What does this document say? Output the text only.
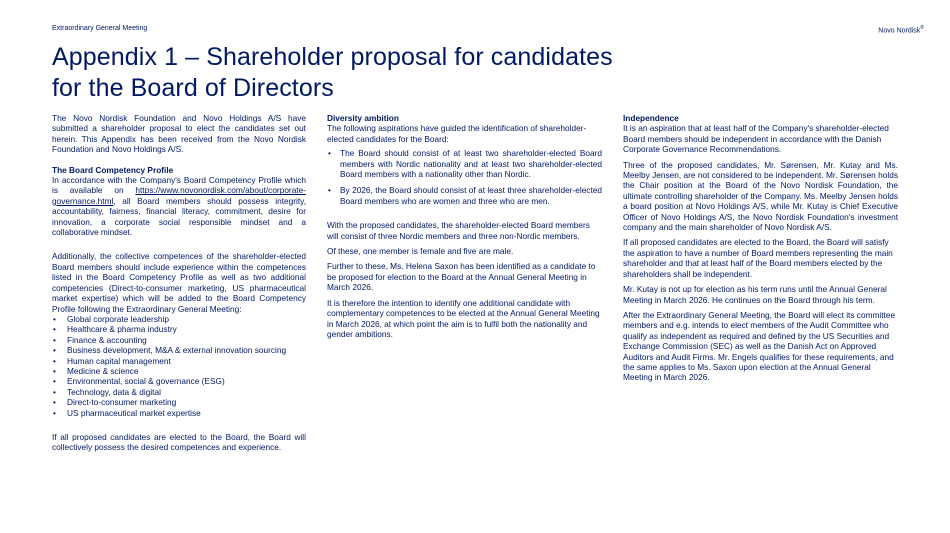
Extraordinary General Meeting	Novo Nordisk®
Appendix 1 – Shareholder proposal for candidates
for the Board of Directors

The Novo Nordisk Foundation and Novo Holdings A/S have submitted a shareholder proposal to elect the candidates set out herein. This Appendix has been received from the Novo Nordisk Foundation and Novo Holdings A/S.

The Board Competency Profile

In accordance with the Company's Board Competency Profile which is available on https://www.novonordisk.com/about/corporate-governance.html, all Board members should possess integrity, accountability, fairness, financial literacy, commitment, desire for innovation, a corporate social responsible mindset and a collaborative mindset.

Additionally, the collective competences of the shareholder-elected Board members should include experience within the competences listed in the Board Competency Profile as well as two additional competencies (Direct-to-consumer marketing, US pharmaceutical market expertise) which will be added to the Board Competency Profile following the Extraordinary General Meeting:

• Global corporate leadership
• Healthcare & pharma industry
• Finance & accounting
• Business development, M&A & external innovation sourcing
• Human capital management
• Medicine & science
• Environmental, social & governance (ESG)
• Technology, data & digital
• Direct-to-consumer marketing
• US pharmaceutical market expertise

If all proposed candidates are elected to the Board, the Board will collectively possess the desired competences and experience.

Diversity ambition

The following aspirations have guided the identification of shareholder-elected candidates for the Board:

• The Board should consist of at least two shareholder-elected Board members with Nordic nationality and at least two shareholder-elected Board members with a nationality other than Nordic.
• By 2026, the Board should consist of at least three shareholder-elected Board members who are women and three who are men.

With the proposed candidates, the shareholder-elected Board members will consist of three Nordic members and three non-Nordic members.

Of these, one member is female and five are male.

Further to these, Ms. Helena Saxon has been identified as a candidate to be proposed for election to the Board at the Annual General Meeting in March 2026.

It is therefore the intention to identify one additional candidate with complementary competences to be elected at the Annual General Meeting in March 2026, at which point the aim is to fulfil both the nationality and gender ambitions.

Independence

It is an aspiration that at least half of the Company's shareholder-elected Board members should be independent in accordance with the Danish Corporate Governance Recommendations.

Three of the proposed candidates, Mr. Sørensen, Mr. Kutay and Ms. Meelby Jensen, are not considered to be independent. Mr. Sørensen holds the Chair position at the Board of the Novo Nordisk Foundation, the ultimate controlling shareholder of the Company. Ms. Meelby Jensen holds a board position at Novo Holdings A/S, while Mr. Kutay is Chief Executive Officer of Novo Holdings A/S, the Novo Nordisk Foundation's investment company and the main shareholder of Novo Nordisk A/S.

If all proposed candidates are elected to the Board, the Board will satisfy the aspiration to have a number of Board members representing the main shareholder and that at least half of the Board members elected by the shareholders shall be independent.

Mr. Kutay is not up for election as his term runs until the Annual General Meeting in March 2026. He continues on the Board through his term.

After the Extraordinary General Meeting, the Board will elect its committee members and e.g. intends to elect members of the Audit Committee who qualify as independent as required and defined by the US Securities and Exchange Commission (SEC) as well as the Danish Act on Approved Auditors and Audit Firms. Mr. Engels qualifies for these requirements, and the same applies to Ms. Saxon upon election at the Annual General Meeting in March 2026.
